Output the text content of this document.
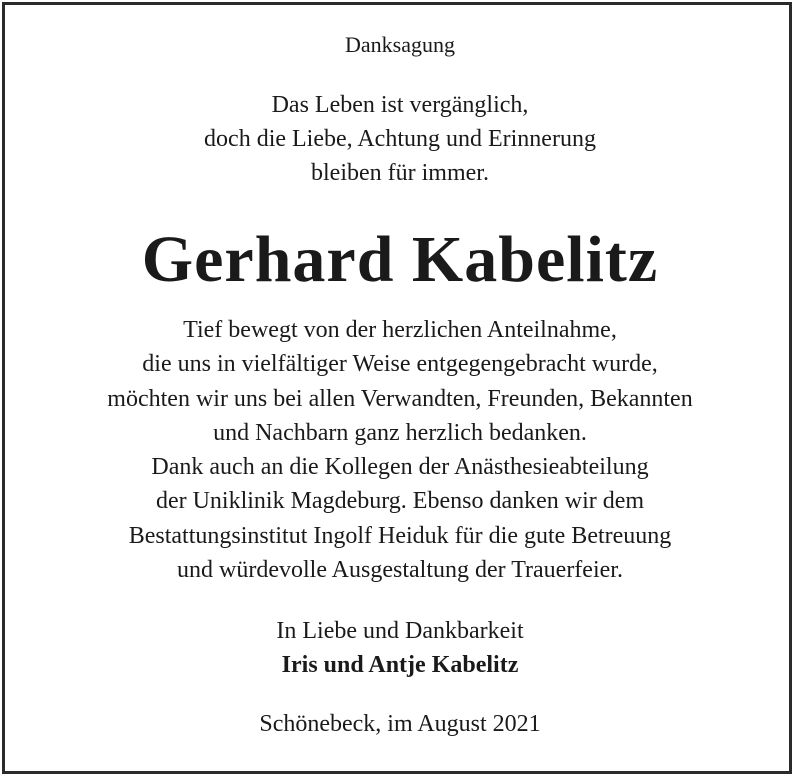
Danksagung
Das Leben ist vergänglich,
doch die Liebe, Achtung und Erinnerung
bleiben für immer.
Gerhard Kabelitz
Tief bewegt von der herzlichen Anteilnahme,
die uns in vielfältiger Weise entgegengebracht wurde,
möchten wir uns bei allen Verwandten, Freunden, Bekannten
und Nachbarn ganz herzlich bedanken.
Dank auch an die Kollegen der Anästhesieabteilung
der Uniklinik Magdeburg. Ebenso danken wir dem
Bestattungsinstitut Ingolf Heiduk für die gute Betreuung
und würdevolle Ausgestaltung der Trauerfeier.
In Liebe und Dankbarkeit
Iris und Antje Kabelitz
Schönebeck, im August 2021
